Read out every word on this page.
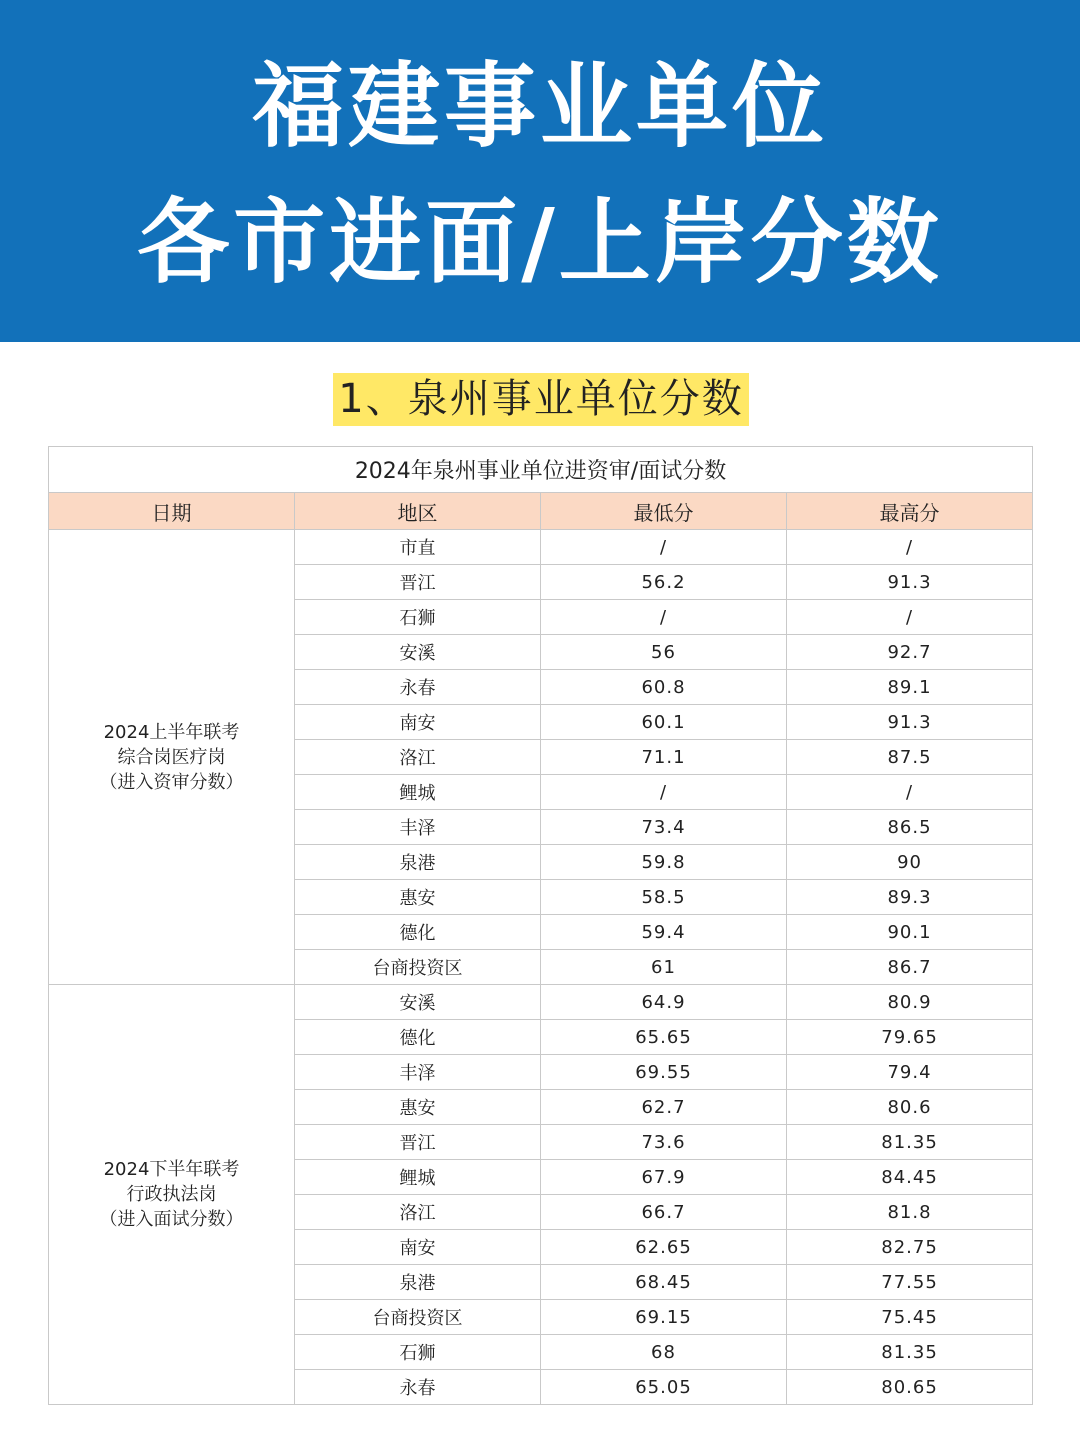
福建事业单位
各市进面/上岸分数
1、泉州事业单位分数
2024年泉州事业单位进资审/面试分数			
日期	地区	最低分	最高分
2024上半年联考
综合岗医疗岗
（进入资审分数）	市直	/	/
	晋江	56.2	91.3
	石狮	/	/
	安溪	56	92.7
	永春	60.8	89.1
	南安	60.1	91.3
	洛江	71.1	87.5
	鲤城	/	/
	丰泽	73.4	86.5
	泉港	59.8	90
	惠安	58.5	89.3
	德化	59.4	90.1
	台商投资区	61	86.7
2024下半年联考
行政执法岗
（进入面试分数）	安溪	64.9	80.9
	德化	65.65	79.65
	丰泽	69.55	79.4
	惠安	62.7	80.6
	晋江	73.6	81.35
	鲤城	67.9	84.45
	洛江	66.7	81.8
	南安	62.65	82.75
	泉港	68.45	77.55
	台商投资区	69.15	75.45
	石狮	68	81.35
	永春	65.05	80.65
